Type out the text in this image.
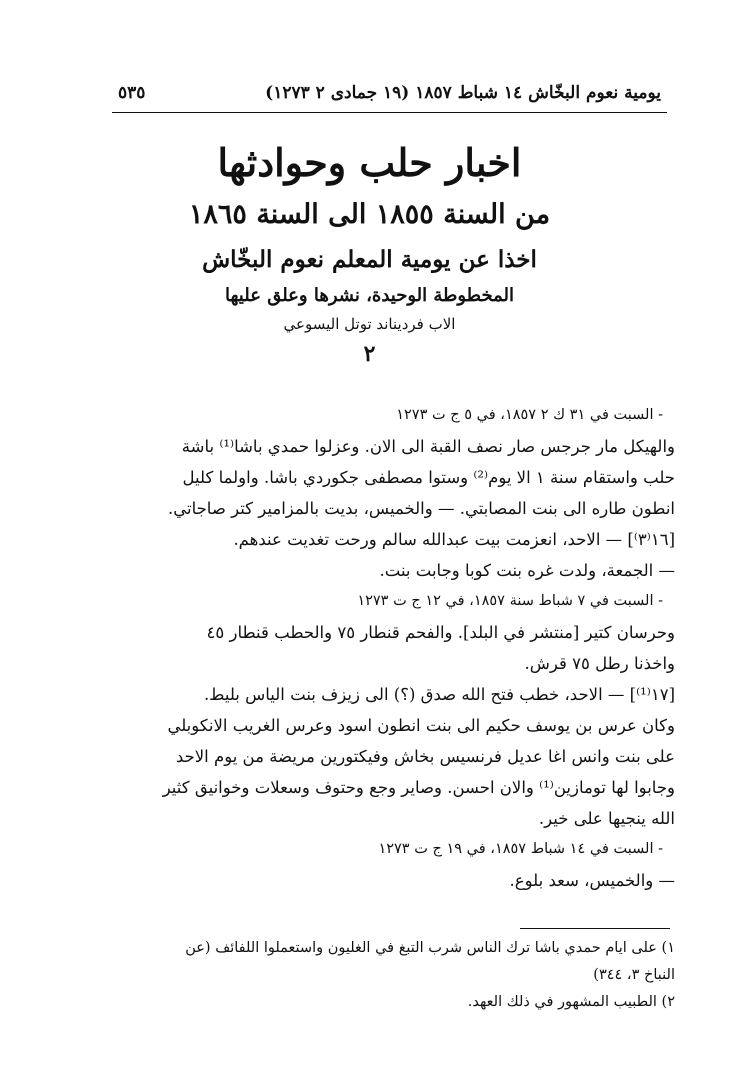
يومية نعوم البخّاش ١٤ شباط ١٨٥٧ (١٩ جمادى ٢ ١٢٧٣)
٥٣٥
اخبار حلب وحوادثها
من السنة ١٨٥٥ الى السنة ١٨٦٥
اخذا عن يومية المعلم نعوم البخّاش
المخطوطة الوحيدة، نشرها وعلق عليها
الاب فرديناند توتل اليسوعي
٢
- السبت في ٣١ ك ٢ ١٨٥٧، في ٥ ج ت ١٢٧٣
والهيكل مار جرجس صار نصف القبة الى الان. وعزلوا حمدي باشا⁽¹⁾ باشة
حلب واستقام سنة ١ الا يوم⁽²⁾ وستوا مصطفى جكوردي باشا. واولما كليل
انطون طاره الى بنت المصابتي. — والخميس، بديت بالمزامير كتر صاجاتي.
[١٦⁽٣⁾] — الاحد، انعزمت بيت عبدالله سالم ورحت تغديت عندهم.
— الجمعة، ولدت غره بنت كوبا وجابت بنت.
- السبت في ٧ شباط سنة ١٨٥٧، في ١٢ ج ت ١٢٧٣
وحرسان كتير [منتشر في البلد]. والفحم قنطار ٧٥ والحطب قنطار ٤٥
واخذنا رطل ٧٥ قرش.
[١٧⁽¹⁾] — الاحد، خطب فتح الله صدق (؟) الى زيزف بنت الياس بليط.
وكان عرس بن يوسف حكيم الى بنت انطون اسود وعرس الغريب الانكوبلي
على بنت وانس اغا عديل فرنسيس بخاش وفيكتورين مريضة من يوم الاحد
وجابوا لها تومازين⁽¹⁾ والان احسن. وصاير وجع وحتوف وسعلات وخوانيق كثير
الله ينجيها على خير.
- السبت في ١٤ شباط ١٨٥٧، في ١٩ ج ت ١٢٧٣
— والخميس، سعد بلوع.
١) على ايام حمدي باشا ترك الناس شرب التبغ في الغليون واستعملوا اللفائف (عن
النباخ ٣، ٣٤٤)
٢) الطبيب المشهور في ذلك العهد.
